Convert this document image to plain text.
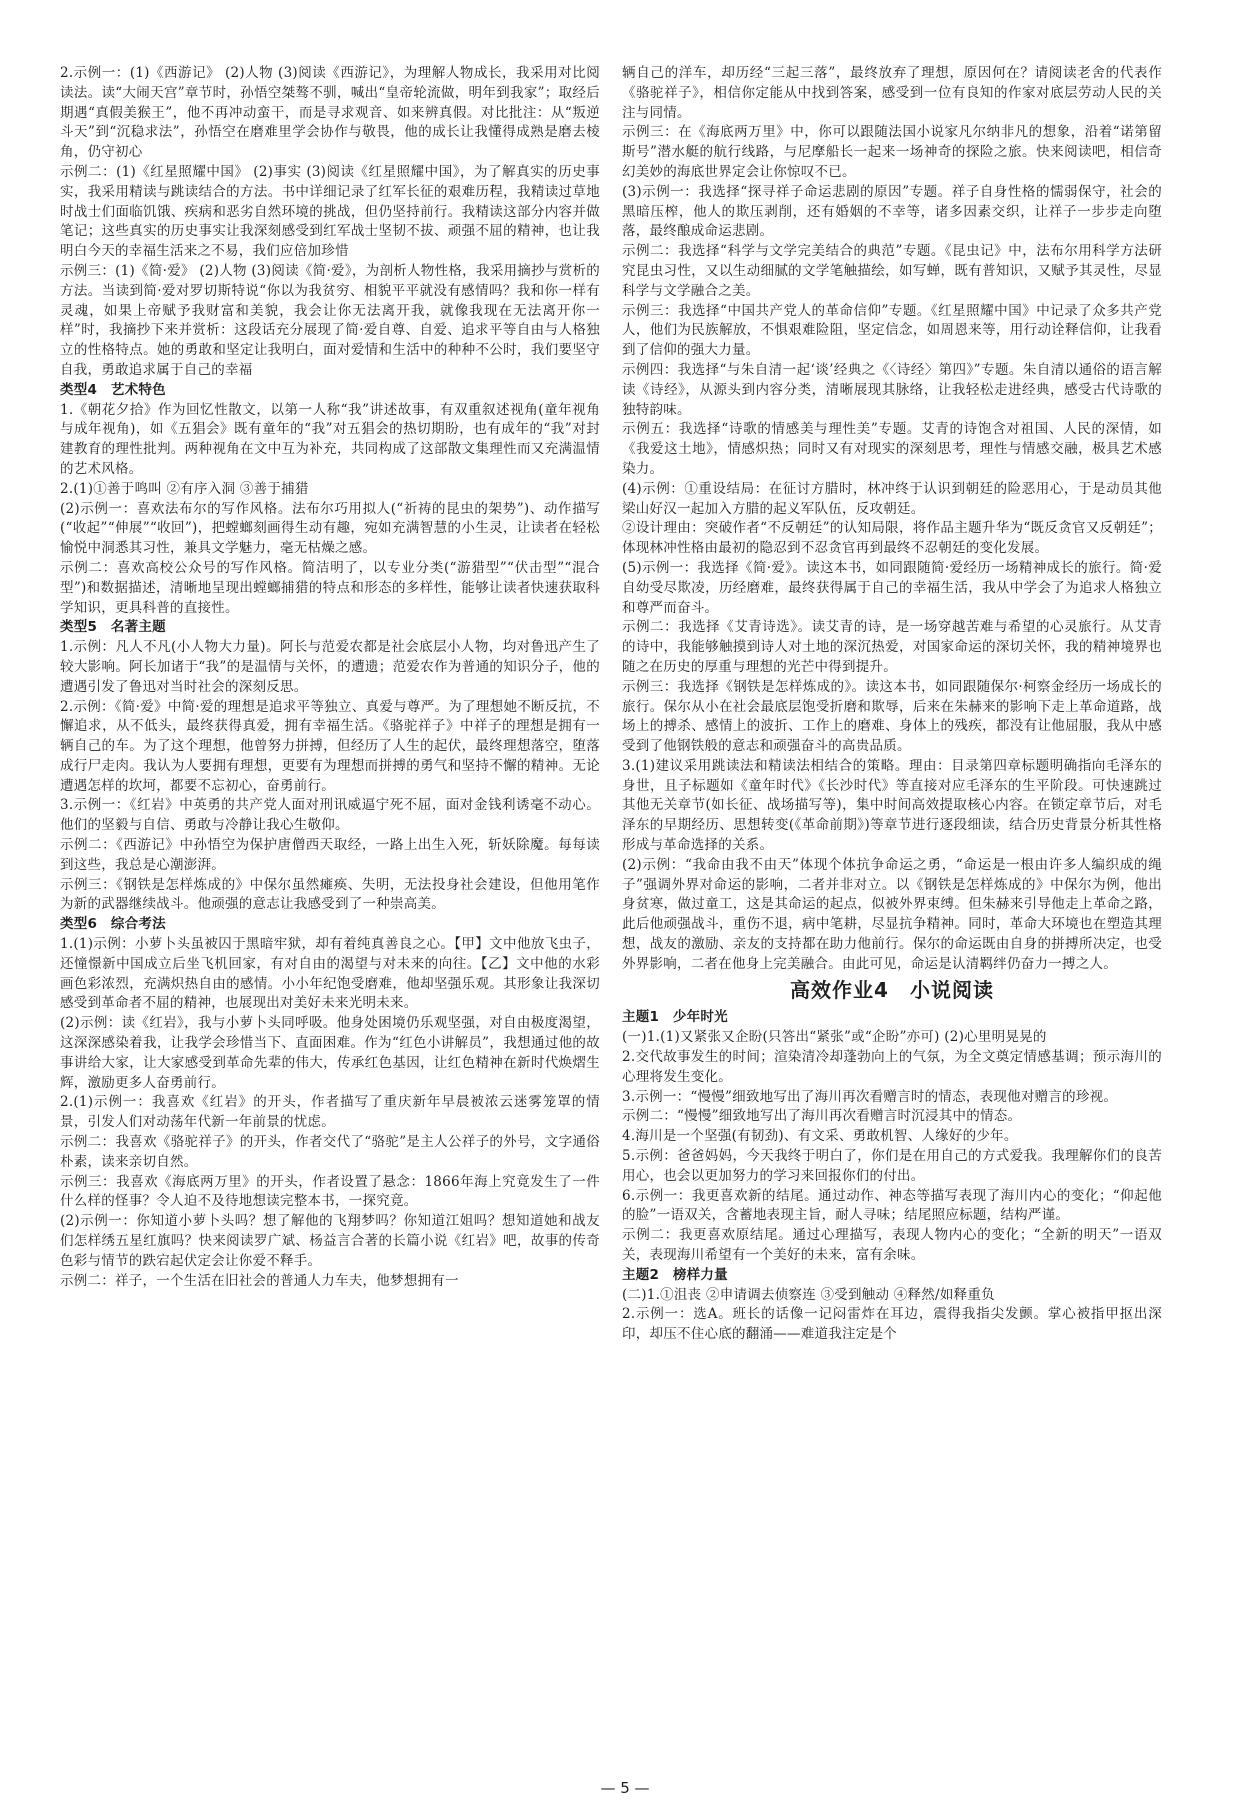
2.示例一：(1)《西游记》 (2)人物 (3)阅读《西游记》，为理解人物成长，我采用对比阅读法。读“大闹天宫”章节时，孙悟空桀骜不驯，喊出“皇帝轮流做，明年到我家”；取经后期遇“真假美猴王”，他不再冲动蛮干，而是寻求观音、如来辨真假。对比批注：从“叛逆斗天”到“沉稳求法”，孙悟空在磨难里学会协作与敬畏，他的成长让我懂得成熟是磨去棱角，仍守初心

示例二：(1)《红星照耀中国》 (2)事实 (3)阅读《红星照耀中国》，为了解真实的历史事实，我采用精读与跳读结合的方法。书中详细记录了红军长征的艰难历程，我精读过草地时战士们面临饥饿、疾病和恶劣自然环境的挑战，但仍坚持前行。我精读这部分内容并做笔记；这些真实的历史事实让我深刻感受到红军战士坚韧不拔、顽强不屈的精神，也让我明白今天的幸福生活来之不易，我们应倍加珍惜

示例三：(1)《简·爱》 (2)人物 (3)阅读《简·爱》，为剖析人物性格，我采用摘抄与赏析的方法。当读到简·爱对罗切斯特说“你以为我贫穷、相貌平平就没有感情吗？我和你一样有灵魂，如果上帝赋予我财富和美貌，我会让你无法离开我，就像我现在无法离开你一样”时，我摘抄下来并赏析：这段话充分展现了简·爱自尊、自爱、追求平等自由与人格独立的性格特点。她的勇敢和坚定让我明白，面对爱情和生活中的种种不公时，我们要坚守自我，勇敢追求属于自己的幸福

类型4　艺术特色

1.《朝花夕拾》作为回忆性散文，以第一人称“我”讲述故事，有双重叙述视角(童年视角与成年视角)，如《五猖会》既有童年的“我”对五猖会的热切期盼，也有成年的“我”对封建教育的理性批判。两种视角在文中互为补充，共同构成了这部散文集理性而又充满温情的艺术风格。

2.(1)①善于鸣叫 ②有序入洞 ③善于捕猎

(2)示例一：喜欢法布尔的写作风格。法布尔巧用拟人(“祈祷的昆虫的架势”)、动作描写(“收起”“伸展”“收回”)，把螳螂刻画得生动有趣，宛如充满智慧的小生灵，让读者在轻松愉悦中洞悉其习性，兼具文学魅力，毫无枯燥之感。

示例二：喜欢高校公众号的写作风格。简洁明了，以专业分类(“游猎型”“伏击型”“混合型”)和数据描述，清晰地呈现出螳螂捕猎的特点和形态的多样性，能够让读者快速获取科学知识，更具科普的直接性。

类型5　名著主题

1.示例：凡人不凡(小人物大力量)。阿长与范爱农都是社会底层小人物，均对鲁迅产生了较大影响。阿长加诸于“我”的是温情与关怀，的遭遗；范爱农作为普通的知识分子，他的遭遇引发了鲁迅对当时社会的深刻反思。

2.示例：《简·爱》中简·爱的理想是追求平等独立、真爱与尊严。为了理想她不断反抗，不懈追求，从不低头，最终获得真爱，拥有幸福生活。《骆驼祥子》中祥子的理想是拥有一辆自己的车。为了这个理想，他曾努力拼搏，但经历了人生的起伏，最终理想落空，堕落成行尸走肉。我认为人要拥有理想，更要有为理想而拼搏的勇气和坚持不懈的精神。无论遭遇怎样的坎坷，都要不忘初心，奋勇前行。

3.示例一：《红岩》中英勇的共产党人面对刑讯威逼宁死不屈，面对金钱利诱毫不动心。他们的坚毅与自信、勇敢与冷静让我心生敬仰。

示例二：《西游记》中孙悟空为保护唐僧西天取经，一路上出生入死，斩妖除魔。每每读到这些，我总是心潮澎湃。

示例三：《钢铁是怎样炼成的》中保尔虽然瘫痪、失明，无法投身社会建设，但他用笔作为新的武器继续战斗。他顽强的意志让我感受到了一种崇高美。

类型6　综合考法

1.(1)示例：小萝卜头虽被囚于黑暗牢狱，却有着纯真善良之心。【甲】文中他放飞虫子，还憧憬新中国成立后坐飞机回家，有对自由的渴望与对未来的向往。【乙】文中他的水彩画色彩浓烈，充满炽热自由的感情。小小年纪饱受磨难，他却坚强乐观。其形象让我深切感受到革命者不屈的精神，也展现出对美好未来光明未来。

(2)示例：读《红岩》，我与小萝卜头同呼吸。他身处困境仍乐观坚强，对自由极度渴望，这深深感染着我，让我学会珍惜当下、直面困难。作为“红色小讲解员”，我想通过他的故事讲给大家，让大家感受到革命先辈的伟大，传承红色基因，让红色精神在新时代焕熠生辉，激励更多人奋勇前行。

2.(1)示例一：我喜欢《红岩》的开头，作者描写了重庆新年早晨被浓云迷雾笼罩的情景，引发人们对动荡年代新一年前景的忧虑。

示例二：我喜欢《骆驼祥子》的开头，作者交代了“骆驼”是主人公祥子的外号，文字通俗朴素，读来亲切自然。

示例三：我喜欢《海底两万里》的开头，作者设置了悬念：1866年海上究竟发生了一件什么样的怪事？令人迫不及待地想读完整本书，一探究竟。

(2)示例一：你知道小萝卜头吗？想了解他的飞翔梦吗？你知道江姐吗？想知道她和战友们怎样绣五星红旗吗？快来阅读罗广斌、杨益言合著的长篇小说《红岩》吧，故事的传奇色彩与情节的跌宕起伏定会让你爱不释手。

示例二：祥子，一个生活在旧社会的普通人力车夫，他梦想拥有一

辆自己的洋车，却历经“三起三落”，最终放弃了理想，原因何在？请阅读老舍的代表作《骆驼祥子》，相信你定能从中找到答案，感受到一位有良知的作家对底层劳动人民的关注与同情。

示例三：在《海底两万里》中，你可以跟随法国小说家凡尔纳非凡的想象，沿着“诺第留斯号”潜水艇的航行线路，与尼摩船长一起来一场神奇的探险之旅。快来阅读吧，相信奇幻美妙的海底世界定会让你惊叹不已。

(3)示例一：我选择“探寻祥子命运悲剧的原因”专题。祥子自身性格的懦弱保守，社会的黑暗压榨，他人的欺压剥削，还有婚姻的不幸等，诸多因素交织，让祥子一步步走向堕落，最终酿成命运悲剧。

示例二：我选择“科学与文学完美结合的典范”专题。《昆虫记》中，法布尔用科学方法研究昆虫习性，又以生动细腻的文学笔触描绘，如写蝉，既有普知识，又赋予其灵性，尽显科学与文学融合之美。

示例三：我选择“中国共产党人的革命信仰”专题。《红星照耀中国》中记录了众多共产党人，他们为民族解放，不惧艰难险阻，坚定信念，如周恩来等，用行动诠释信仰，让我看到了信仰的强大力量。

示例四：我选择“与朱自清一起‘谈’经典之《〈诗经〉第四》”专题。朱自清以通俗的语言解读《诗经》，从源头到内容分类，清晰展现其脉络，让我轻松走进经典，感受古代诗歌的独特韵味。

示例五：我选择“诗歌的情感美与理性美”专题。艾青的诗饱含对祖国、人民的深情，如《我爱这土地》，情感炽热；同时又有对现实的深刻思考，理性与情感交融，极具艺术感染力。

(4)示例：①重设结局：在征讨方腊时，林冲终于认识到朝廷的险恶用心，于是动员其他梁山好汉一起加入方腊的起义军队伍，反攻朝廷。

②设计理由：突破作者“不反朝廷”的认知局限，将作品主题升华为“既反贪官又反朝廷”；体现林冲性格由最初的隐忍到不忍贪官再到最终不忍朝廷的变化发展。

(5)示例一：我选择《简·爱》。读这本书，如同跟随简·爱经历一场精神成长的旅行。简·爱自幼受尽欺凌，历经磨难，最终获得属于自己的幸福生活，我从中学会了为追求人格独立和尊严而奋斗。

示例二：我选择《艾青诗选》。读艾青的诗，是一场穿越苦难与希望的心灵旅行。从艾青的诗中，我能够触摸到诗人对土地的深沉热爱，对国家命运的深切关怀，我的精神境界也随之在历史的厚重与理想的光芒中得到提升。

示例三：我选择《钢铁是怎样炼成的》。读这本书，如同跟随保尔·柯察金经历一场成长的旅行。保尔从小在社会最底层饱受折磨和欺辱，后来在朱赫来的影响下走上革命道路，战场上的搏杀、感情上的波折、工作上的磨难、身体上的残疾，都没有让他屈服，我从中感受到了他钢铁般的意志和顽强奋斗的高贵品质。

3.(1)建议采用跳读法和精读法相结合的策略。理由：目录第四章标题明确指向毛泽东的身世，且子标题如《童年时代》《长沙时代》等直接对应毛泽东的生平阶段。可快速跳过其他无关章节(如长征、战场描写等)，集中时间高效提取核心内容。在锁定章节后，对毛泽东的早期经历、思想转变(《革命前期》)等章节进行逐段细读，结合历史背景分析其性格形成与革命选择的关系。

(2)示例：“我命由我不由天”体现个体抗争命运之勇，“命运是一根由许多人编织成的绳子”强调外界对命运的影响，二者并非对立。以《钢铁是怎样炼成的》中保尔为例，他出身贫寒，做过童工，这是其命运的起点，似被外界束缚。但朱赫来引导他走上革命之路，此后他顽强战斗，重伤不退，病中笔耕，尽显抗争精神。同时，革命大环境也在塑造其理想，战友的激励、亲友的支持都在助力他前行。保尔的命运既由自身的拼搏所决定，也受外界影响，二者在他身上完美融合。由此可见，命运是认清羁绊仍奋力一搏之人。

高效作业4　小说阅读

主题1　少年时光

(一)1.(1)又紧张又企盼(只答出“紧张”或“企盼”亦可) (2)心里明晃晃的

2.交代故事发生的时间；渲染清冷却蓬勃向上的气氛，为全文奠定情感基调；预示海川的心理将发生变化。

3.示例一：“慢慢”细致地写出了海川再次看赠言时的情态，表现他对赠言的珍视。

示例二：“慢慢”细致地写出了海川再次看赠言时沉浸其中的情态。

4.海川是一个坚强(有韧劲)、有文采、勇敢机智、人缘好的少年。

5.示例：爸爸妈妈，今天我终于明白了，你们是在用自己的方式爱我。我理解你们的良苦用心，也会以更加努力的学习来回报你们的付出。

6.示例一：我更喜欢新的结尾。通过动作、神态等描写表现了海川内心的变化；“仰起他的脸”一语双关，含蓄地表现主旨，耐人寻味；结尾照应标题，结构严谨。

示例二：我更喜欢原结尾。通过心理描写，表现人物内心的变化；“全新的明天”一语双关，表现海川希望有一个美好的未来，富有余味。

主题2　榜样力量

(二)1.①沮丧 ②申请调去侦察连 ③受到触动 ④释然/如释重负

2.示例一：选A。班长的话像一记闷雷炸在耳边，震得我指尖发颤。掌心被指甲抠出深印，却压不住心底的翻涌——难道我注定是个

— 5 —
